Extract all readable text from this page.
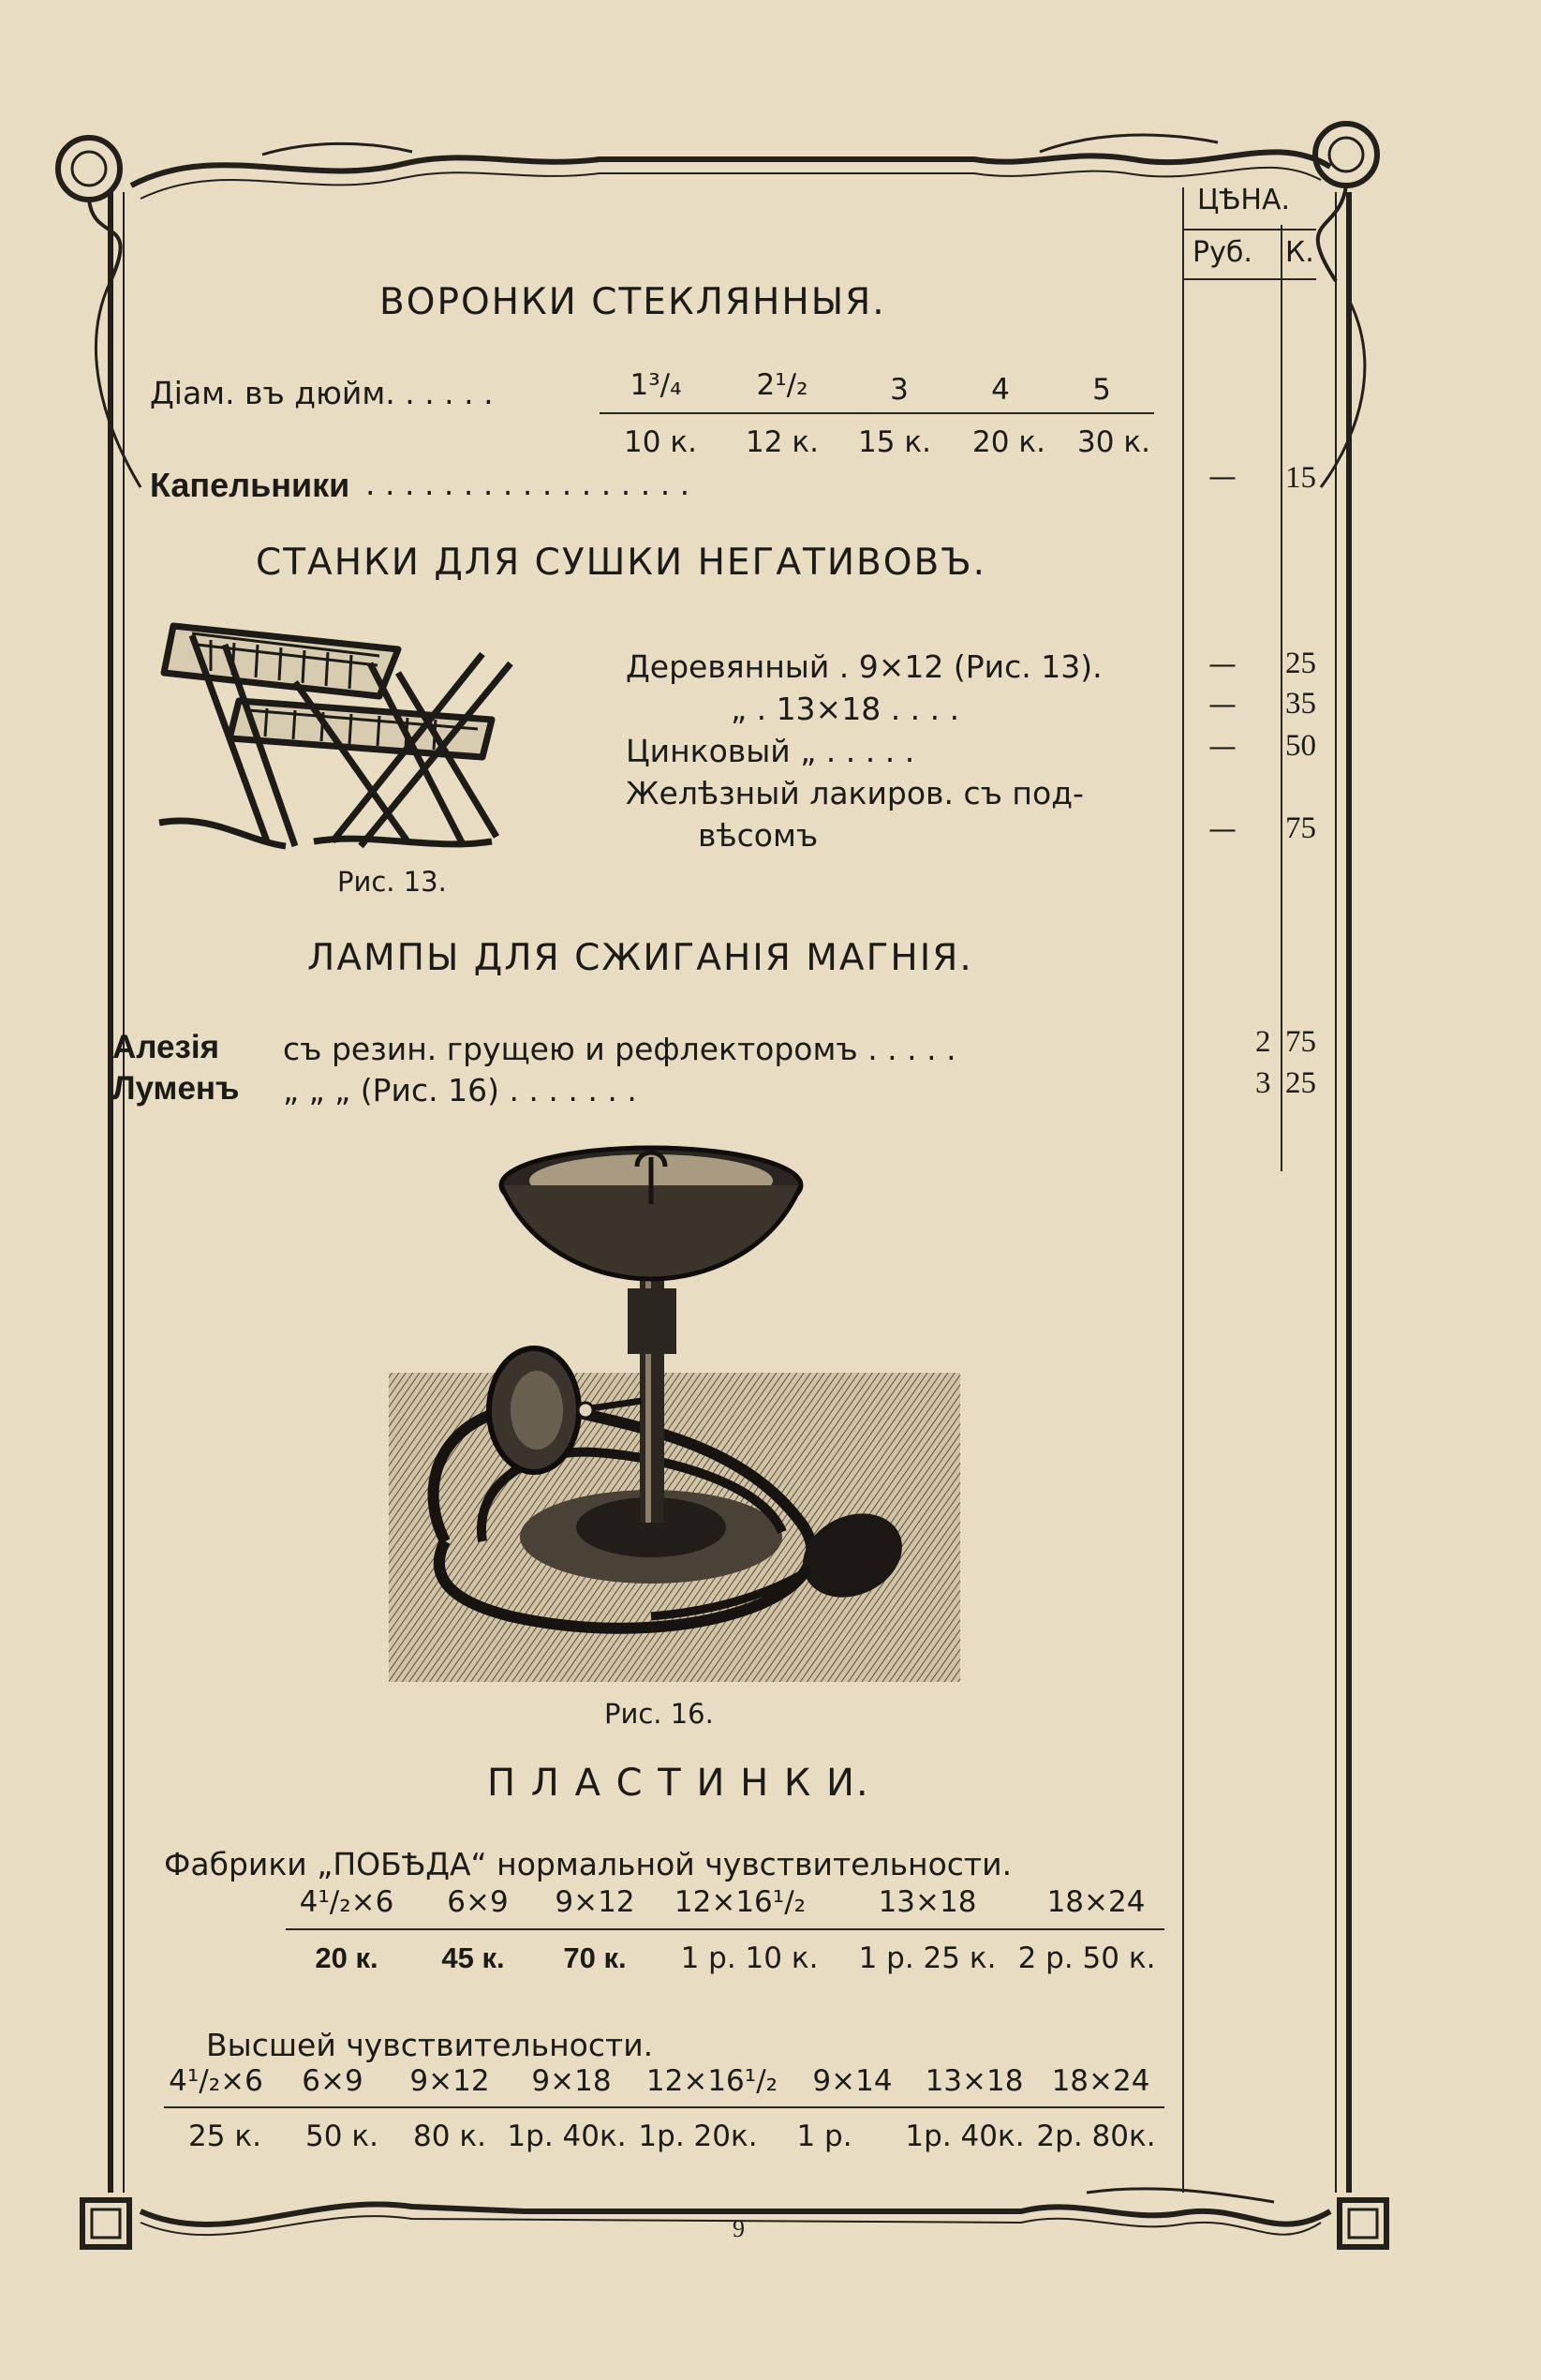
ЦѢНА.
Руб. К.
ВОРОНКИ СТЕКЛЯННЫЯ.
Діам. въ дюйм. . . . . .	1³/₄	2¹/₂	3	4	5
10 к.	12 к.	15 к.	20 к.	30 к.
Капельники . . . . . . . . . . . . . . . . .	— 15
СТАНКИ ДЛЯ СУШКИ НЕГАТИВОВЪ.
Рис. 13.
Деревянный . 9×12 (Рис. 13).	— 25
„ . 13×18 . . . .	— 35
Цинковый „ . . . . .	— 50
Желѣзный лакиров. съ под-
вѣсомъ	— 75
ЛАМПЫ ДЛЯ СЖИГАНІЯ МАГНІЯ.
Алезія съ резин. грущею и рефлекторомъ . . . . .	2 75
Луменъ „ „ „ (Рис. 16) . . . . . . .	3 25
Рис. 16.
П Л А С Т И Н К И.
Фабрики „ПОБѢДА“ нормальной чувствительности.
4¹/₂×6	6×9	9×12	12×16¹/₂	13×18	18×24
20 к.	45 к.	70 к.	1 р. 10 к.	1 р. 25 к. 2 р. 50 к.
Высшей чувствительности.
4¹/₂×6	6×9	9×12	9×18	12×16¹/₂	9×14	13×18 18×24
25 к.	50 к.	80 к. 1р. 40к. 1р. 20к.	1 р.	1р. 40к. 2р. 80к.
9
